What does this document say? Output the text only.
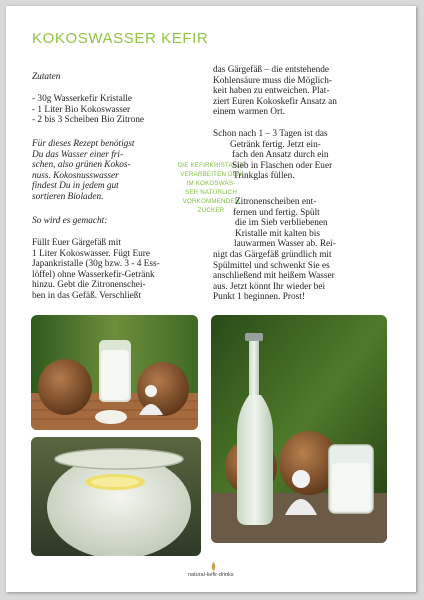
KOKOSWASSER KEFIR
Zutaten
- 30g Wasserkefir Kristalle
- 1 Liter Bio Kokoswasser
- 2 bis 3 Scheiben Bio Zitrone
Für dieses Rezept benötigst
Du das Wasser einer fri-
schen, also grünen Kokos-
nuss. Kokosnusswasser
findest Du in jedem gut
sortieren Bioladen.
So wird es gemacht:
Füllt Euer Gärgefäß mit
1 Liter Kokoswasser. Fügt Eure
Japankristalle (30g bzw. 3 - 4 Ess-
löffel) ohne Wasserkefir-Getränk
hinzu. Gebt die Zitronenschei-
ben in das Gefäß. Verschließt
DIE KEFIRKRISTALLE
VERARBEITEN DEN
IM KOKOSWAS-
SER NATÜRLICH
VORKOMMENDEN
ZUCKER
das Gärgefäß – die entstehende
Kohlensäure muss die Möglich-
keit haben zu entweichen. Plat-
ziert Euren Kokoskefir Ansatz an
einem warmen Ort.
Schon nach 1 – 3 Tagen ist das
Getränk fertig. Jetzt ein-
fach den Ansatz durch ein
Sieb in Flaschen oder Euer
Trinkglas füllen.
Zitronenscheiben ent-
fernen und fertig. Spült
die im Sieb verbliebenen
Kristalle mit kalten bis
lauwarmen Wasser ab. Rei-
nigt das Gärgefäß gründlich mit
Spülmittel und schwenkt Sie es
anschließend mit heißem Wasser
aus. Jetzt könnt Ihr wieder bei
Punkt 1 beginnen. Prost!
natural-kefir-drinks
